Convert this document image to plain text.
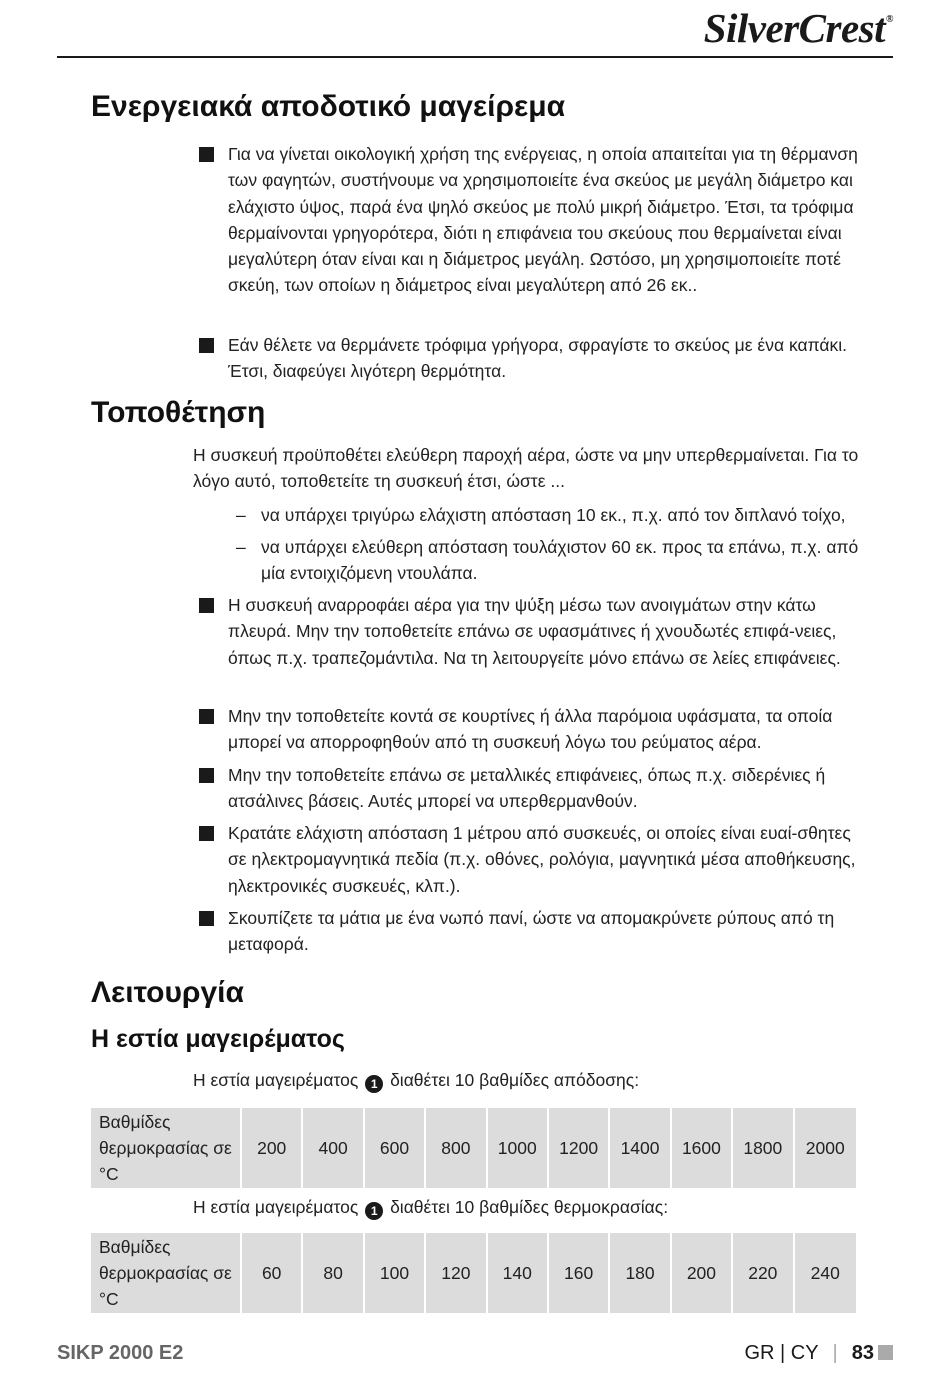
SilverCrest®
Ενεργειακά αποδοτικό μαγείρεμα
Για να γίνεται οικολογική χρήση της ενέργειας, η οποία απαιτείται για τη θέρμανση των φαγητών, συστήνουμε να χρησιμοποιείτε ένα σκεύος με μεγάλη διάμετρο και ελάχιστο ύψος, παρά ένα ψηλό σκεύος με πολύ μικρή διάμετρο. Έτσι, τα τρόφιμα θερμαίνονται γρηγορότερα, διότι η επιφάνεια του σκεύους που θερμαίνεται είναι μεγαλύτερη όταν είναι και η διάμετρος μεγάλη. Ωστόσο, μη χρησιμοποιείτε ποτέ σκεύη, των οποίων η διάμετρος είναι μεγαλύτερη από 26 εκ..
Εάν θέλετε να θερμάνετε τρόφιμα γρήγορα, σφραγίστε το σκεύος με ένα καπάκι. Έτσι, διαφεύγει λιγότερη θερμότητα.
Τοποθέτηση
Η συσκευή προϋποθέτει ελεύθερη παροχή αέρα, ώστε να μην υπερθερμαίνεται. Για το λόγο αυτό, τοποθετείτε τη συσκευή έτσι, ώστε ...
– να υπάρχει τριγύρω ελάχιστη απόσταση 10 εκ., π.χ. από τον διπλανό τοίχο,
– να υπάρχει ελεύθερη απόσταση τουλάχιστον 60 εκ. προς τα επάνω, π.χ. από μία εντοιχιζόμενη ντουλάπα.
Η συσκευή αναρροφάει αέρα για την ψύξη μέσω των ανοιγμάτων στην κάτω πλευρά. Μην την τοποθετείτε επάνω σε υφασμάτινες ή χνουδωτές επιφά-νειες, όπως π.χ. τραπεζομάντιλα. Να τη λειτουργείτε μόνο επάνω σε λείες επιφάνειες.
Μην την τοποθετείτε κοντά σε κουρτίνες ή άλλα παρόμοια υφάσματα, τα οποία μπορεί να απορροφηθούν από τη συσκευή λόγω του ρεύματος αέρα.
Μην την τοποθετείτε επάνω σε μεταλλικές επιφάνειες, όπως π.χ. σιδερένιες ή ατσάλινες βάσεις. Αυτές μπορεί να υπερθερμανθούν.
Κρατάτε ελάχιστη απόσταση 1 μέτρου από συσκευές, οι οποίες είναι ευαί-σθητες σε ηλεκτρομαγνητικά πεδία (π.χ. οθόνες, ρολόγια, μαγνητικά μέσα αποθήκευσης, ηλεκτρονικές συσκευές, κλπ.).
Σκουπίζετε τα μάτια με ένα νωπό πανί, ώστε να απομακρύνετε ρύπους από τη μεταφορά.
Λειτουργία
Η εστία μαγειρέματος
Η εστία μαγειρέματος 1 διαθέτει 10 βαθμίδες απόδοσης:
Βαθμίδες θερμοκρασίας σε °C	200	400	600	800	1000	1200	1400	1600	1800	2000
Η εστία μαγειρέματος 1 διαθέτει 10 βαθμίδες θερμοκρασίας:
Βαθμίδες θερμοκρασίας σε °C	60	80	100	120	140	160	180	200	220	240
SIKP 2000 E2	GR | CY | 83
